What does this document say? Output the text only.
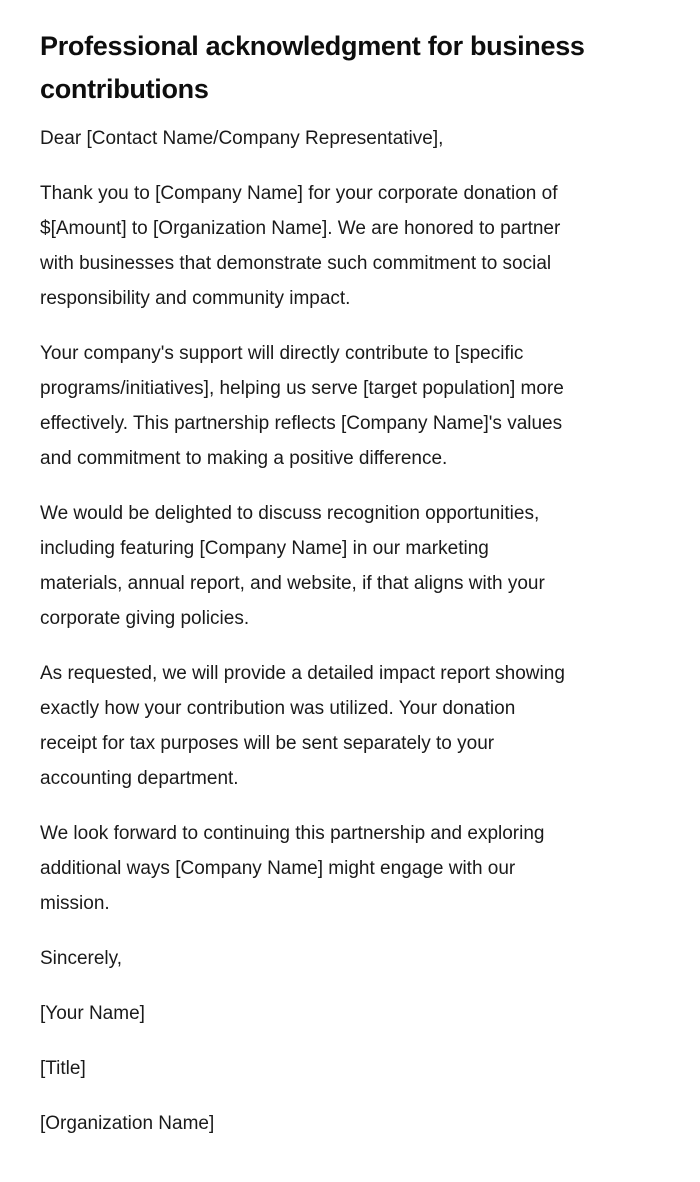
Professional acknowledgment for business contributions

Dear [Contact Name/Company Representative],

Thank you to [Company Name] for your corporate donation of
$[Amount] to [Organization Name]. We are honored to partner
with businesses that demonstrate such commitment to social
responsibility and community impact.

Your company's support will directly contribute to [specific
programs/initiatives], helping us serve [target population] more
effectively. This partnership reflects [Company Name]'s values
and commitment to making a positive difference.

We would be delighted to discuss recognition opportunities,
including featuring [Company Name] in our marketing
materials, annual report, and website, if that aligns with your
corporate giving policies.

As requested, we will provide a detailed impact report showing
exactly how your contribution was utilized. Your donation
receipt for tax purposes will be sent separately to your
accounting department.

We look forward to continuing this partnership and exploring
additional ways [Company Name] might engage with our
mission.

Sincerely,

[Your Name]

[Title]

[Organization Name]
